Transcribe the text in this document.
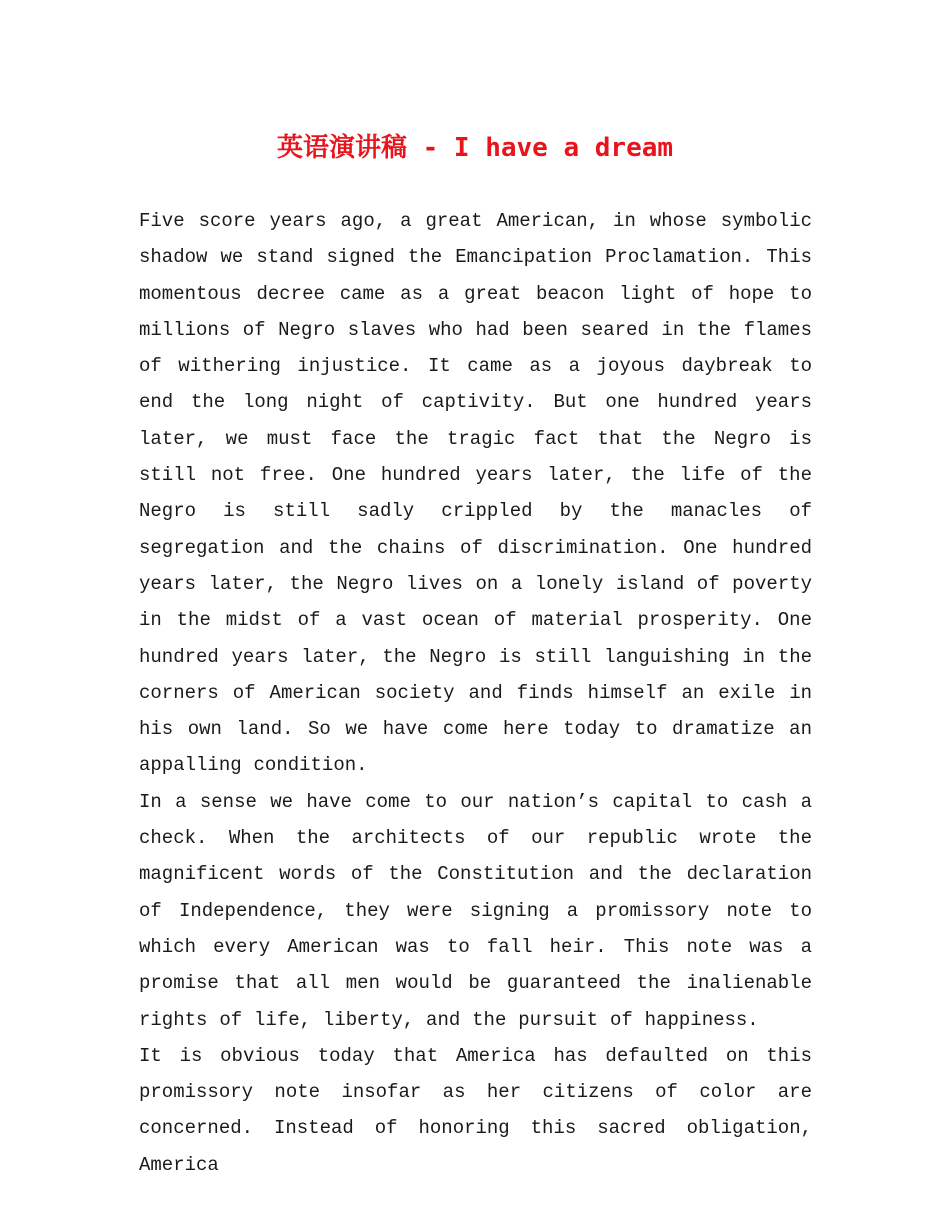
英语演讲稿 - I have a dream

Five score years ago, a great American, in whose symbolic shadow we stand signed the Emancipation Proclamation. This momentous decree came as a great beacon light of hope to millions of Negro slaves who had been seared in the flames of withering injustice. It came as a joyous daybreak to end the long night of captivity. But one hundred years later, we must face the tragic fact that the Negro is still not free. One hundred years later, the life of the Negro is still sadly crippled by the manacles of segregation and the chains of discrimination. One hundred years later, the Negro lives on a lonely island of poverty in the midst of a vast ocean of material prosperity. One hundred years later, the Negro is still languishing in the corners of American society and finds himself an exile in his own land. So we have come here today to dramatize an appalling condition.

In a sense we have come to our nation’s capital to cash a check. When the architects of our republic wrote the magnificent words of the Constitution and the declaration of Independence, they were signing a promissory note to which every American was to fall heir. This note was a promise that all men would be guaranteed the inalienable rights of life, liberty, and the pursuit of happiness.

It is obvious today that America has defaulted on this promissory note insofar as her citizens of color are concerned. Instead of honoring this sacred obligation, America
